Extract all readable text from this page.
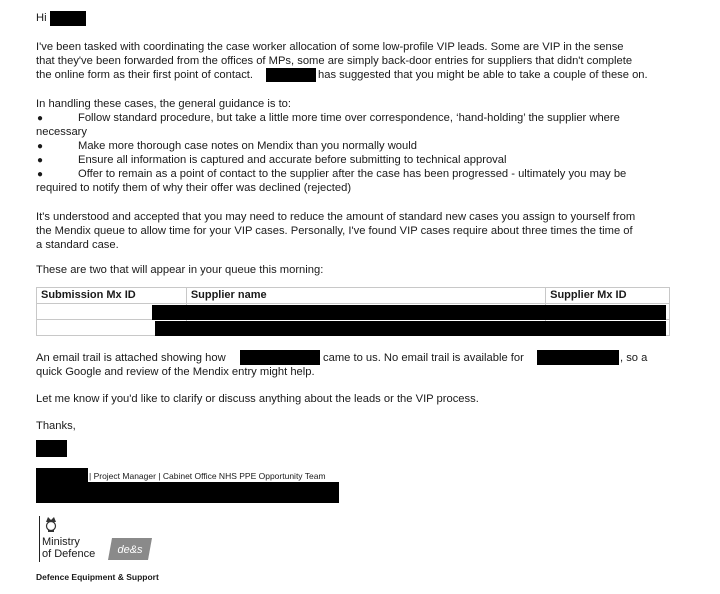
Hi
I've been tasked with coordinating the case worker allocation of some low-profile VIP leads. Some are VIP in the sense
that they've been forwarded from the offices of MPs, some are simply back-door entries for suppliers that didn't complete
the online form as their first point of contact.	has suggested that you might be able to take a couple of these on.
In handling these cases, the general guidance is to:
●	Follow standard procedure, but take a little more time over correspondence, ‘hand-holding’ the supplier where
necessary
●	Make more thorough case notes on Mendix than you normally would
●	Ensure all information is captured and accurate before submitting to technical approval
●	Offer to remain as a point of contact to the supplier after the case has been progressed - ultimately you may be
required to notify them of why their offer was declined (rejected)
It's understood and accepted that you may need to reduce the amount of standard new cases you assign to yourself from
the Mendix queue to allow time for your VIP cases. Personally, I've found VIP cases require about three times the time of
a standard case.
These are two that will appear in your queue this morning:
Submission Mx ID	Supplier name	Supplier Mx ID

An email trail is attached showing how	came to us. No email trail is available for	, so a
quick Google and review of the Mendix entry might help.
Let me know if you'd like to clarify or discuss anything about the leads or the VIP process.
Thanks,
| Project Manager | Cabinet Office NHS PPE Opportunity Team
Ministry
of Defence de&s
Defence Equipment & Support
